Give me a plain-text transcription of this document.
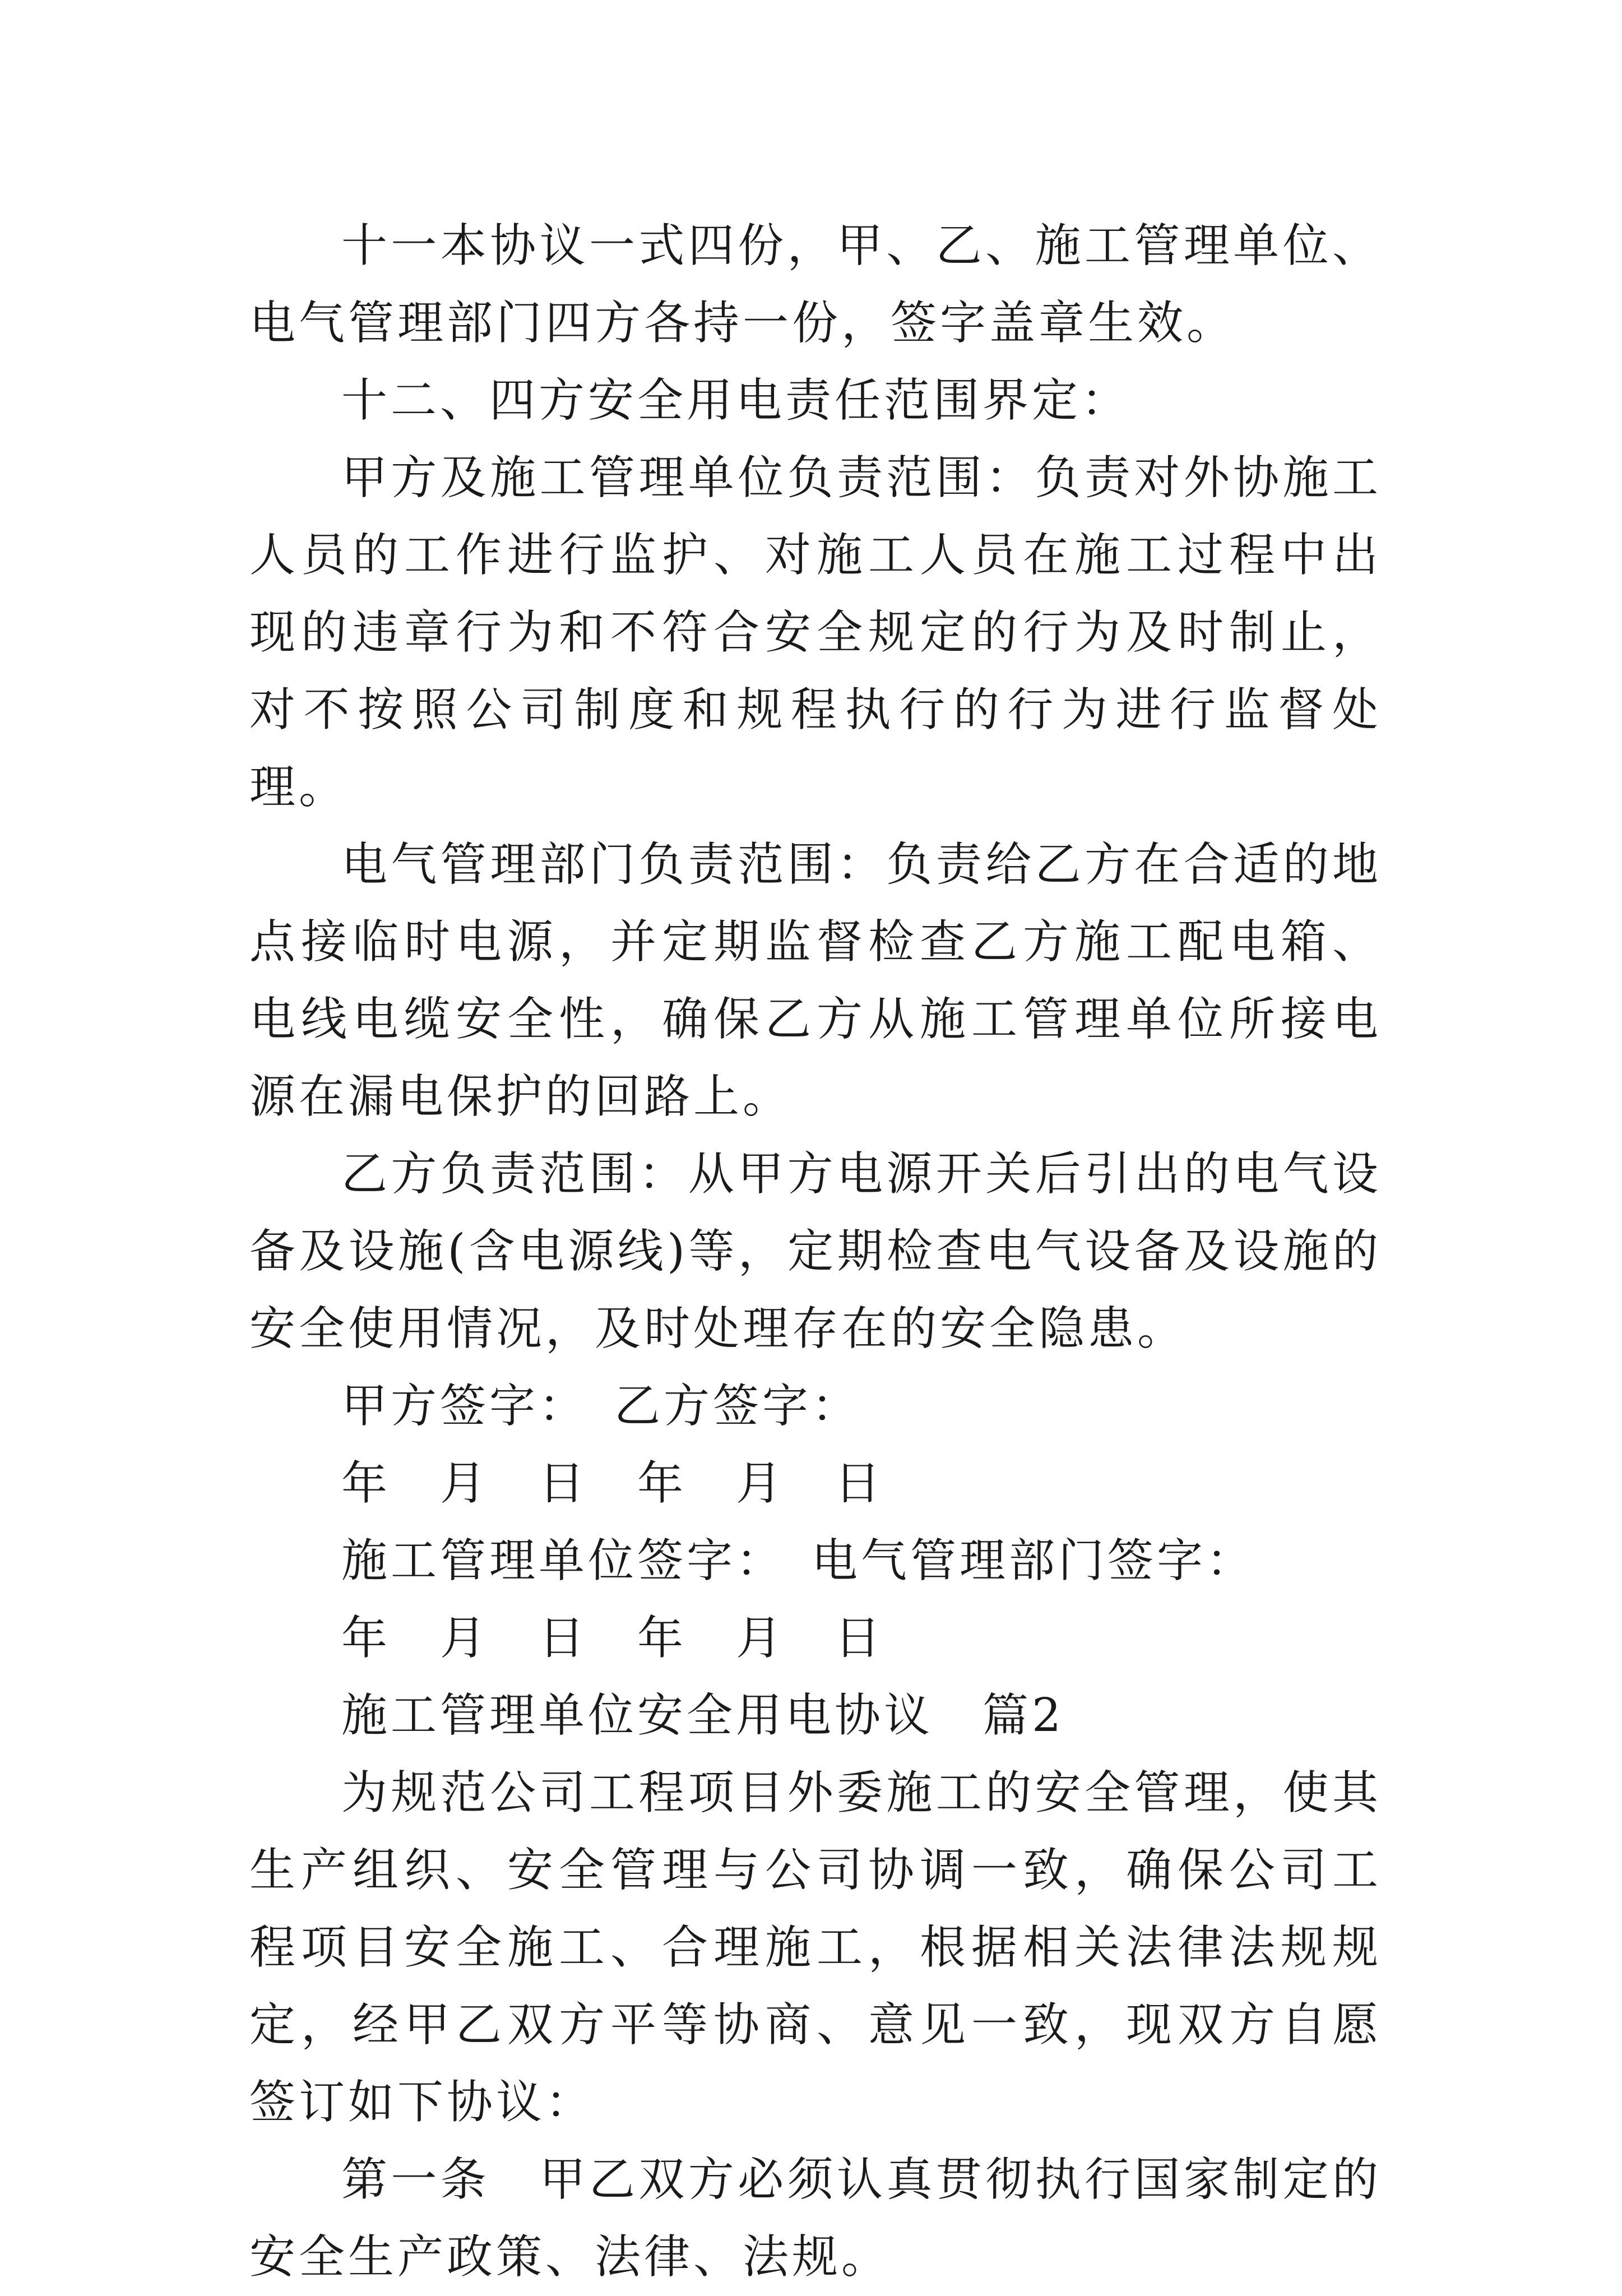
十一本协议一式四份，甲、乙、施工管理单位、电气管理部门四方各持一份，签字盖章生效。

十二、四方安全用电责任范围界定：

甲方及施工管理单位负责范围：负责对外协施工人员的工作进行监护、对施工人员在施工过程中出现的违章行为和不符合安全规定的行为及时制止，对不按照公司制度和规程执行的行为进行监督处理。

电气管理部门负责范围：负责给乙方在合适的地点接临时电源，并定期监督检查乙方施工配电箱、电线电缆安全性，确保乙方从施工管理单位所接电源在漏电保护的回路上。

乙方负责范围：从甲方电源开关后引出的电气设备及设施(含电源线)等，定期检查电气设备及设施的安全使用情况，及时处理存在的安全隐患。

甲方签字：　乙方签字：

年　月　日　年　月　日

施工管理单位签字：　电气管理部门签字：

年　月　日　年　月　日

施工管理单位安全用电协议　篇2

为规范公司工程项目外委施工的安全管理，使其生产组织、安全管理与公司协调一致，确保公司工程项目安全施工、合理施工，根据相关法律法规规定，经甲乙双方平等协商、意见一致，现双方自愿签订如下协议：

第一条　甲乙双方必须认真贯彻执行国家制定的安全生产政策、法律、法规。
